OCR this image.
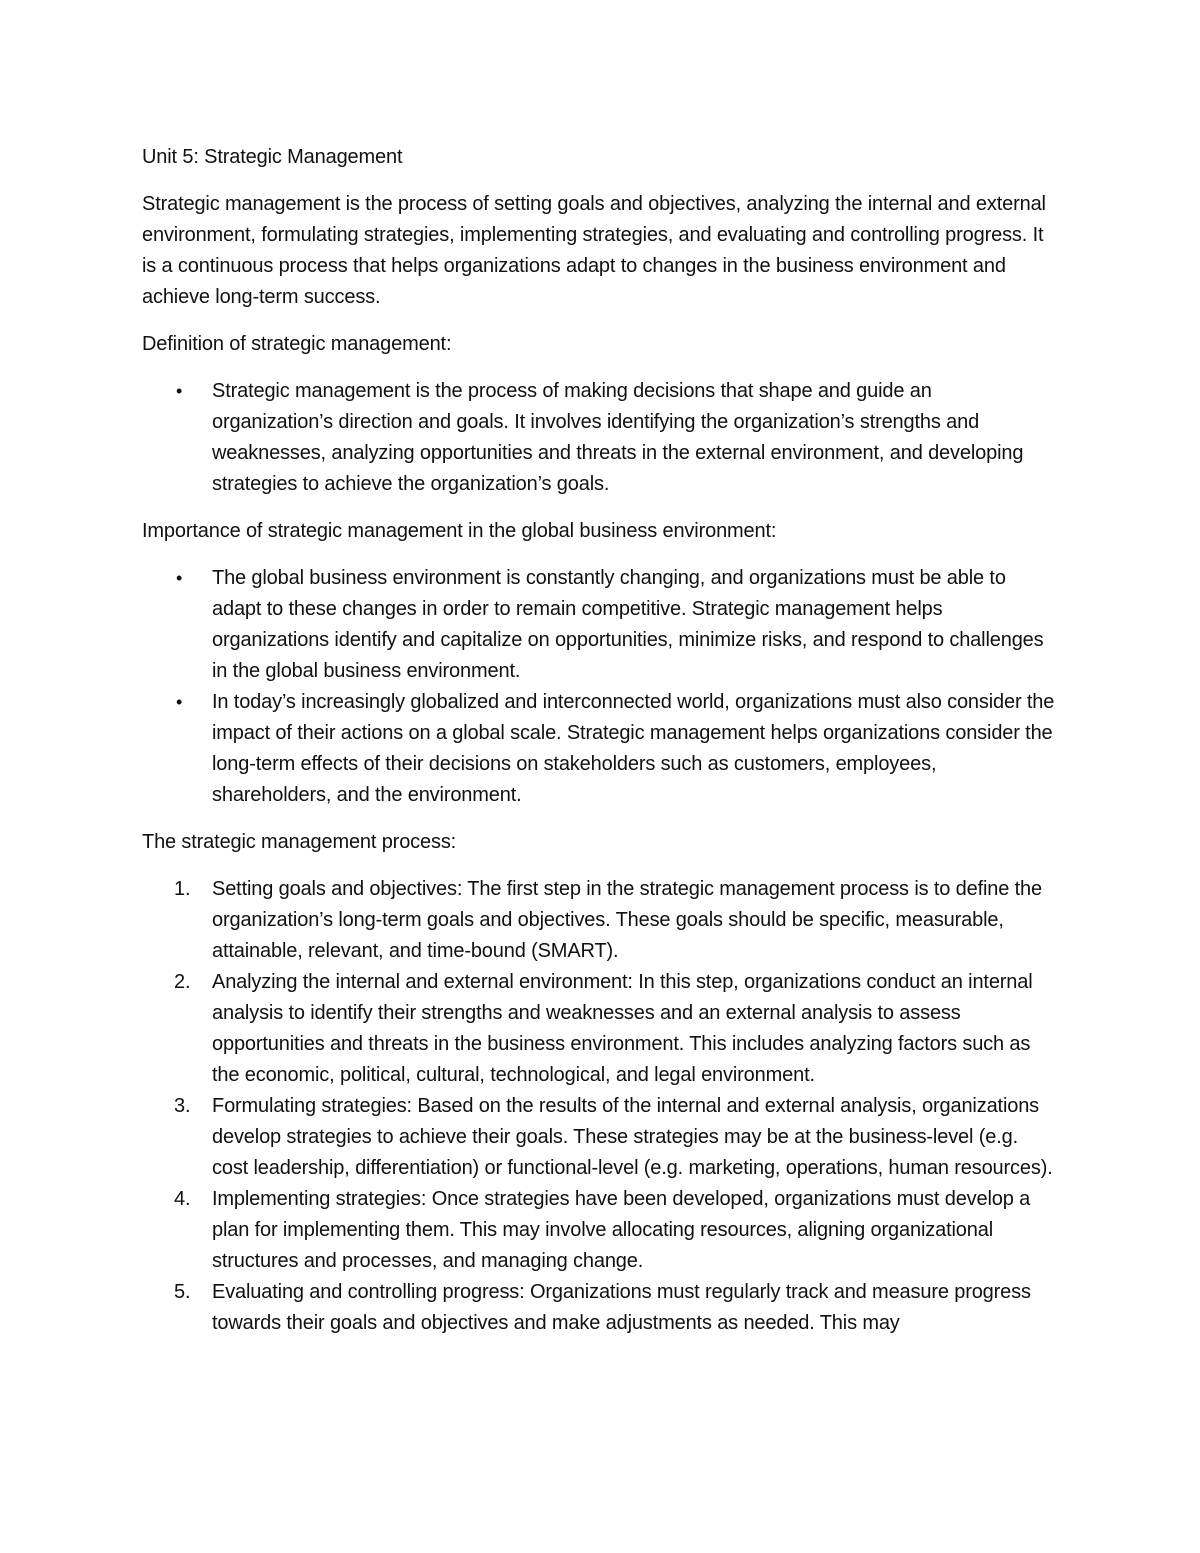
Unit 5: Strategic Management

Strategic management is the process of setting goals and objectives, analyzing the internal and external environment, formulating strategies, implementing strategies, and evaluating and controlling progress. It is a continuous process that helps organizations adapt to changes in the business environment and achieve long-term success.

Definition of strategic management:

•	Strategic management is the process of making decisions that shape and guide an organization’s direction and goals. It involves identifying the organization’s strengths and weaknesses, analyzing opportunities and threats in the external environment, and developing strategies to achieve the organization’s goals.

Importance of strategic management in the global business environment:

•	The global business environment is constantly changing, and organizations must be able to adapt to these changes in order to remain competitive. Strategic management helps organizations identify and capitalize on opportunities, minimize risks, and respond to challenges in the global business environment.
•	In today’s increasingly globalized and interconnected world, organizations must also consider the impact of their actions on a global scale. Strategic management helps organizations consider the long-term effects of their decisions on stakeholders such as customers, employees, shareholders, and the environment.

The strategic management process:

1.	Setting goals and objectives: The first step in the strategic management process is to define the organization’s long-term goals and objectives. These goals should be specific, measurable, attainable, relevant, and time-bound (SMART).
2.	Analyzing the internal and external environment: In this step, organizations conduct an internal analysis to identify their strengths and weaknesses and an external analysis to assess opportunities and threats in the business environment. This includes analyzing factors such as the economic, political, cultural, technological, and legal environment.
3.	Formulating strategies: Based on the results of the internal and external analysis, organizations develop strategies to achieve their goals. These strategies may be at the business-level (e.g. cost leadership, differentiation) or functional-level (e.g. marketing, operations, human resources).
4.	Implementing strategies: Once strategies have been developed, organizations must develop a plan for implementing them. This may involve allocating resources, aligning organizational structures and processes, and managing change.
5.	Evaluating and controlling progress: Organizations must regularly track and measure progress towards their goals and objectives and make adjustments as needed. This may
